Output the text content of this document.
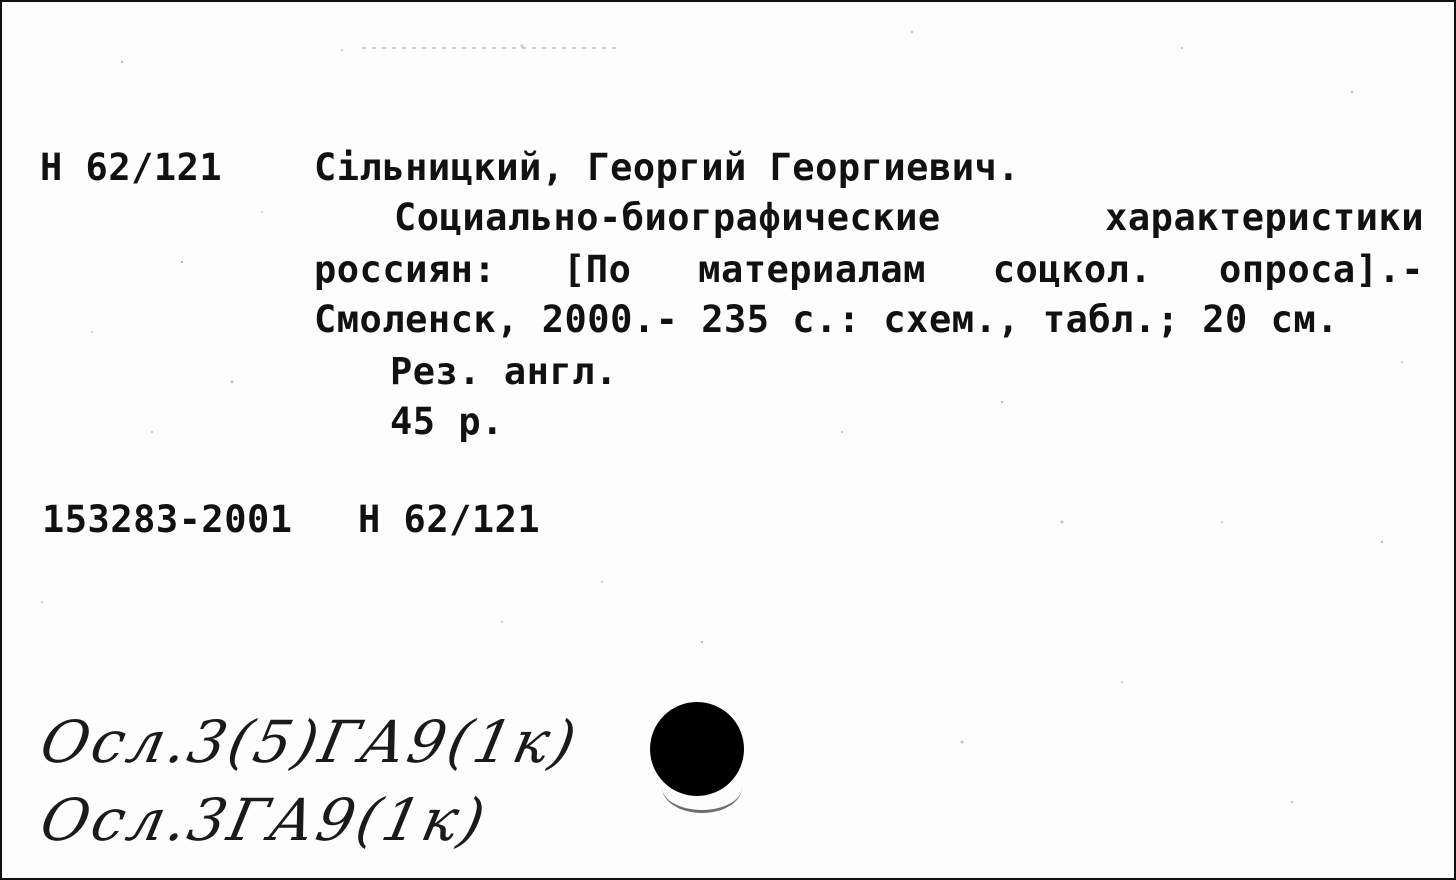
Н 62/121 Сiльницкий, Георгий Георгиевич.
Социально-биографические	характеристики
россиян: [По материалам соцкол. опроса].-
Смоленск, 2000.- 235 с.: схем., табл.; 20 см.
Рез. англ.
45 р.
153283-2001 Н 62/121
Осл.3(5)ГА9(1к)
Осл.3ГА9(1к)
